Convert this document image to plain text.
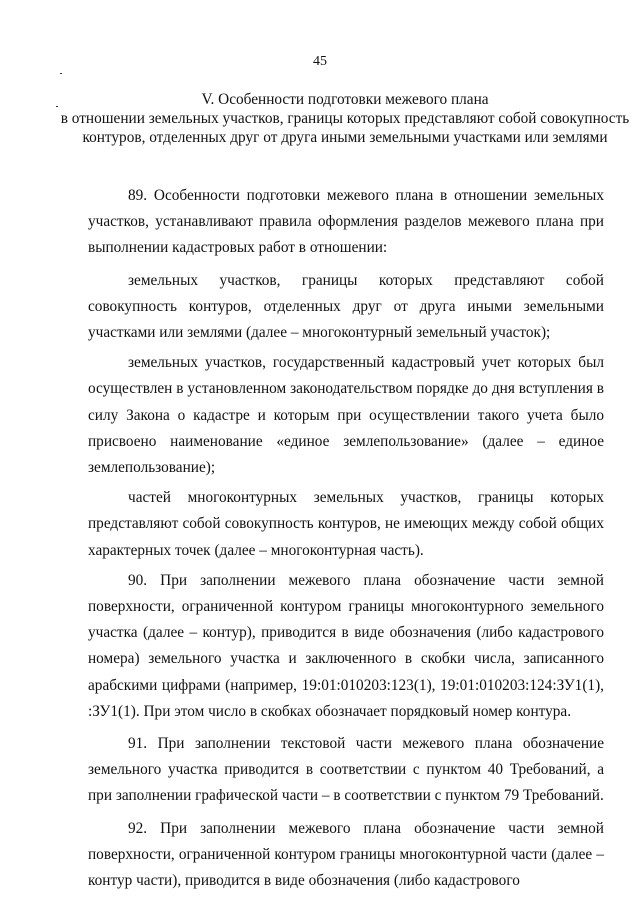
45
V. Особенности подготовки межевого плана
в отношении земельных участков, границы которых представляют собой совокупность контуров, отделенных друг от друга иными земельными участками или землями

89. Особенности подготовки межевого плана в отношении земельных участков, устанавливают правила оформления разделов межевого плана при выполнении кадастровых работ в отношении:

земельных участков, границы которых представляют собой совокупность контуров, отделенных друг от друга иными земельными участками или землями (далее – многоконтурный земельный участок);

земельных участков, государственный кадастровый учет которых был осуществлен в установленном законодательством порядке до дня вступления в силу Закона о кадастре и которым при осуществлении такого учета было присвоено наименование «единое землепользование» (далее – единое землепользование);

частей многоконтурных земельных участков, границы которых представляют собой совокупность контуров, не имеющих между собой общих характерных точек (далее – многоконтурная часть).

90. При заполнении межевого плана обозначение части земной поверхности, ограниченной контуром границы многоконтурного земельного участка (далее – контур), приводится в виде обозначения (либо кадастрового номера) земельного участка и заключенного в скобки числа, записанного арабскими цифрами (например, 19:01:010203:123(1), 19:01:010203:124:ЗУ1(1), :ЗУ1(1). При этом число в скобках обозначает порядковый номер контура.

91. При заполнении текстовой части межевого плана обозначение земельного участка приводится в соответствии с пунктом 40 Требований, а при заполнении графической части – в соответствии с пунктом 79 Требований.

92. При заполнении межевого плана обозначение части земной поверхности, ограниченной контуром границы многоконтурной части (далее – контур части), приводится в виде обозначения (либо кадастрового
